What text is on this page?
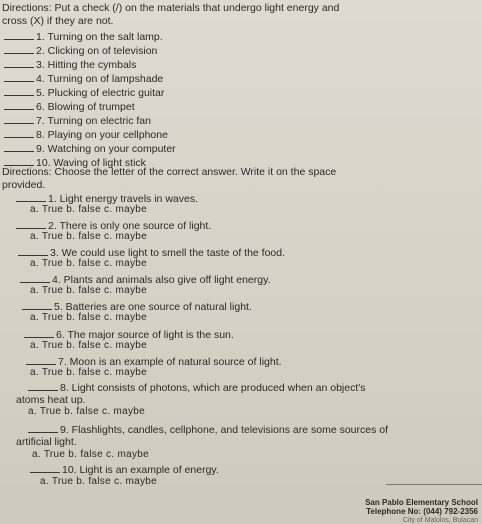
Directions: Put a check (/) on the materials that undergo light energy and
cross (X) if they are not.
1. Turning on the salt lamp.
2. Clicking on of television
3. Hitting the cymbals
4. Turning on of lampshade
5. Plucking of electric guitar
6. Blowing of trumpet
7. Turning on electric fan
8. Playing on your cellphone
9. Watching on your computer
10. Waving of light stick
Directions: Choose the letter of the correct answer. Write it on the space
provided.
1. Light energy travels in waves.
a. True b. false c. maybe
2. There is only one source of light.
a. True b. false c. maybe
3. We could use light to smell the taste of the food.
a. True b. false c. maybe
4. Plants and animals also give off light energy.
a. True b. false c. maybe
5. Batteries are one source of natural light.
a. True b. false c. maybe
6. The major source of light is the sun.
a. True b. false c. maybe
7. Moon is an example of natural source of light.
a. True b. false c. maybe
8. Light consists of photons, which are produced when an object's
atoms heat up.
a. True b. false c. maybe
9. Flashlights, candles, cellphone, and televisions are some sources of
artificial light.
a. True b. false c. maybe
10. Light is an example of energy.
a. True b. false c. maybe
San Pablo Elementary School
Telephone No: (044) 792-2356
City of Malolos, Bulacan
